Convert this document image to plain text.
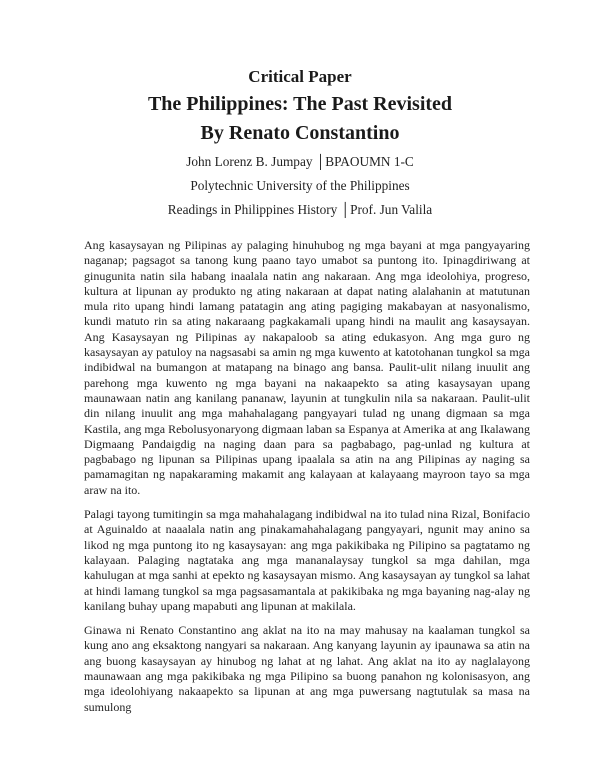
Critical Paper
The Philippines: The Past Revisited
By Renato Constantino
John Lorenz B. Jumpay │BPAOUMN 1-C
Polytechnic University of the Philippines
Readings in Philippines History │Prof. Jun Valila

Ang kasaysayan ng Pilipinas ay palaging hinuhubog ng mga bayani at mga pangyayaring naganap; pagsagot sa tanong kung paano tayo umabot sa puntong ito. Ipinagdiriwang at ginugunita natin sila habang inaalala natin ang nakaraan. Ang mga ideolohiya, progreso, kultura at lipunan ay produkto ng ating nakaraan at dapat nating alalahanin at matutunan mula rito upang hindi lamang patatagin ang ating pagiging makabayan at nasyonalismo, kundi matuto rin sa ating nakaraang pagkakamali upang hindi na maulit ang kasaysayan. Ang Kasaysayan ng Pilipinas ay nakapaloob sa ating edukasyon. Ang mga guro ng kasaysayan ay patuloy na nagsasabi sa amin ng mga kuwento at katotohanan tungkol sa mga indibidwal na bumangon at matapang na binago ang bansa. Paulit-ulit nilang inuulit ang parehong mga kuwento ng mga bayani na nakaapekto sa ating kasaysayan upang maunawaan natin ang kanilang pananaw, layunin at tungkulin nila sa nakaraan. Paulit-ulit din nilang inuulit ang mga mahahalagang pangyayari tulad ng unang digmaan sa mga Kastila, ang mga Rebolusyonaryong digmaan laban sa Espanya at Amerika at ang Ikalawang Digmaang Pandaigdig na naging daan para sa pagbabago, pag-unlad ng kultura at pagbabago ng lipunan sa Pilipinas upang ipaalala sa atin na ang Pilipinas ay naging sa pamamagitan ng napakaraming makamit ang kalayaan at kalayaang mayroon tayo sa mga araw na ito.

Palagi tayong tumitingin sa mga mahahalagang indibidwal na ito tulad nina Rizal, Bonifacio at Aguinaldo at naaalala natin ang pinakamahahalagang pangyayari, ngunit may anino sa likod ng mga puntong ito ng kasaysayan: ang mga pakikibaka ng Pilipino sa pagtatamo ng kalayaan. Palaging nagtataka ang mga mananalaysay tungkol sa mga dahilan, mga kahulugan at mga sanhi at epekto ng kasaysayan mismo. Ang kasaysayan ay tungkol sa lahat at hindi lamang tungkol sa mga pagsasamantala at pakikibaka ng mga bayaning nag-alay ng kanilang buhay upang mapabuti ang lipunan at makilala.

Ginawa ni Renato Constantino ang aklat na ito na may mahusay na kaalaman tungkol sa kung ano ang eksaktong nangyari sa nakaraan. Ang kanyang layunin ay ipaunawa sa atin na ang buong kasaysayan ay hinubog ng lahat at ng lahat. Ang aklat na ito ay naglalayong maunawaan ang mga pakikibaka ng mga Pilipino sa buong panahon ng kolonisasyon, ang mga ideolohiyang nakaapekto sa lipunan at ang mga puwersang nagtutulak sa masa na sumulong
